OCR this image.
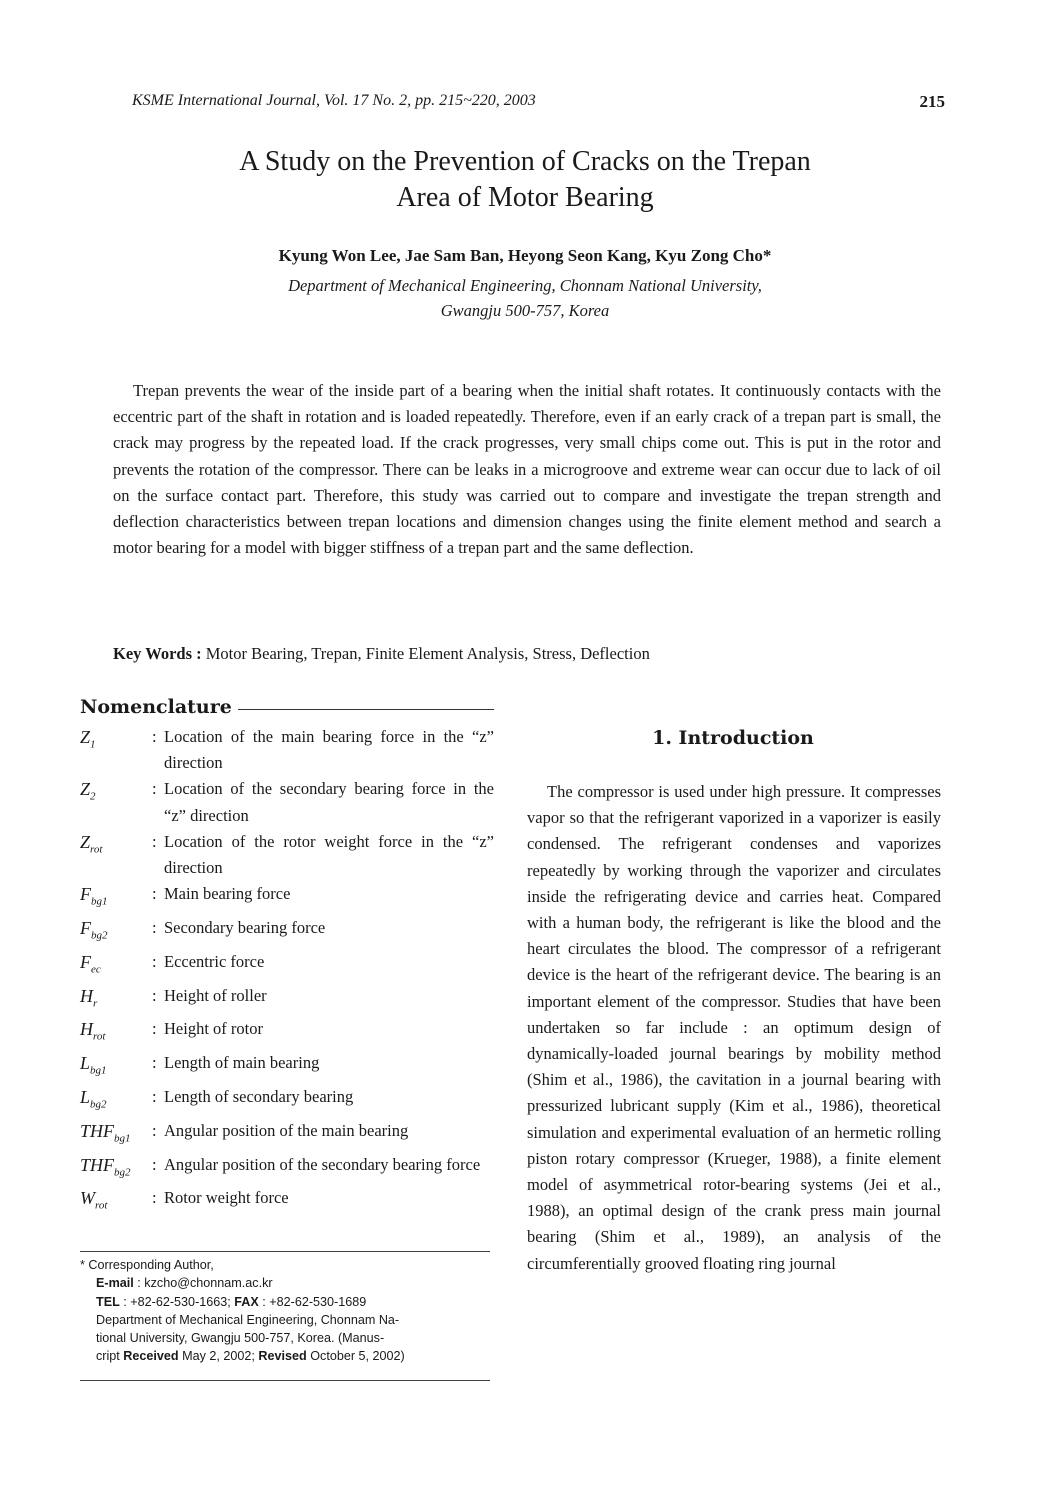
KSME International Journal, Vol. 17 No. 2, pp. 215~220, 2003	215
A Study on the Prevention of Cracks on the Trepan
Area of Motor Bearing
Kyung Won Lee, Jae Sam Ban, Heyong Seon Kang, Kyu Zong Cho*
Department of Mechanical Engineering, Chonnam National University,
Gwangju 500-757, Korea
Trepan prevents the wear of the inside part of a bearing when the initial shaft rotates. It continuously contacts with the eccentric part of the shaft in rotation and is loaded repeatedly. Therefore, even if an early crack of a trepan part is small, the crack may progress by the repeated load. If the crack progresses, very small chips come out. This is put in the rotor and prevents the rotation of the compressor. There can be leaks in a microgroove and extreme wear can occur due to lack of oil on the surface contact part. Therefore, this study was carried out to compare and investigate the trepan strength and deflection characteristics between trepan locations and dimension changes using the finite element method and search a motor bearing for a model with bigger stiffness of a trepan part and the same deflection.
Key Words : Motor Bearing, Trepan, Finite Element Analysis, Stress, Deflection
Nomenclature
$Z_1$	: Location of the main bearing force in the “z” direction
$Z_2$	: Location of the secondary bearing force in the “z” direction
$Z_{rot}$	: Location of the rotor weight force in the “z” direction
$F_{bg1}$	: Main bearing force
$F_{bg2}$	: Secondary bearing force
$F_{ec}$	: Eccentric force
$H_r$	: Height of roller
$H_{rot}$	: Height of rotor
$L_{bg1}$	: Length of main bearing
$L_{bg2}$	: Length of secondary bearing
$THF_{bg1}$	: Angular position of the main bearing
$THF_{bg2}$	: Angular position of the secondary bearing force
$W_{rot}$	: Rotor weight force
* Corresponding Author,
E-mail : kzcho@chonnam.ac.kr
TEL : +82-62-530-1663; FAX : +82-62-530-1689
Department of Mechanical Engineering, Chonnam Na-
tional University, Gwangju 500-757, Korea. (Manus-
cript Received May 2, 2002; Revised October 5, 2002)
1. Introduction
The compressor is used under high pressure. It compresses vapor so that the refrigerant vaporized in a vaporizer is easily condensed. The refrigerant condenses and vaporizes repeatedly by working through the vaporizer and circulates inside the refrigerating device and carries heat. Compared with a human body, the refrigerant is like the blood and the heart circulates the blood. The compressor of a refrigerant device is the heart of the refrigerant device. The bearing is an important element of the compressor. Studies that have been undertaken so far include : an optimum design of dynamically-loaded journal bearings by mobility method (Shim et al., 1986), the cavitation in a journal bearing with pressurized lubricant supply (Kim et al., 1986), theoretical simulation and experimental evaluation of an hermetic rolling piston rotary compressor (Krueger, 1988), a finite element model of asymmetrical rotor-bearing systems (Jei et al., 1988), an optimal design of the crank press main journal bearing (Shim et al., 1989), an analysis of the circumferentially grooved floating ring journal
